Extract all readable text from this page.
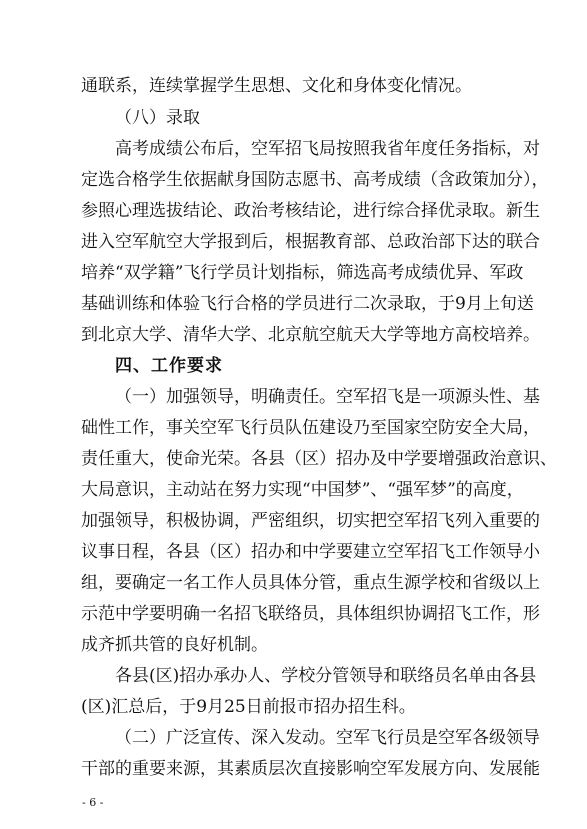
通联系，连续掌握学生思想、文化和身体变化情况。
（八）录取
高考成绩公布后，空军招飞局按照我省年度任务指标，对
定选合格学生依据献身国防志愿书、高考成绩（含政策加分），
参照心理选拔结论、政治考核结论，进行综合择优录取。新生
进入空军航空大学报到后，根据教育部、总政治部下达的联合
培养“双学籍”飞行学员计划指标，筛选高考成绩优异、军政
基础训练和体验飞行合格的学员进行二次录取，于9月上旬送
到北京大学、清华大学、北京航空航天大学等地方高校培养。
四、工作要求
（一）加强领导，明确责任。空军招飞是一项源头性、基
础性工作，事关空军飞行员队伍建设乃至国家空防安全大局，
责任重大，使命光荣。各县（区）招办及中学要增强政治意识、
大局意识，主动站在努力实现“中国梦”、“强军梦”的高度，
加强领导，积极协调，严密组织，切实把空军招飞列入重要的
议事日程，各县（区）招办和中学要建立空军招飞工作领导小
组，要确定一名工作人员具体分管，重点生源学校和省级以上
示范中学要明确一名招飞联络员，具体组织协调招飞工作，形
成齐抓共管的良好机制。
各县(区)招办承办人、学校分管领导和联络员名单由各县
(区)汇总后，于9月25日前报市招办招生科。
（二）广泛宣传、深入发动。空军飞行员是空军各级领导
干部的重要来源，其素质层次直接影响空军发展方向、发展能
- 6 -
